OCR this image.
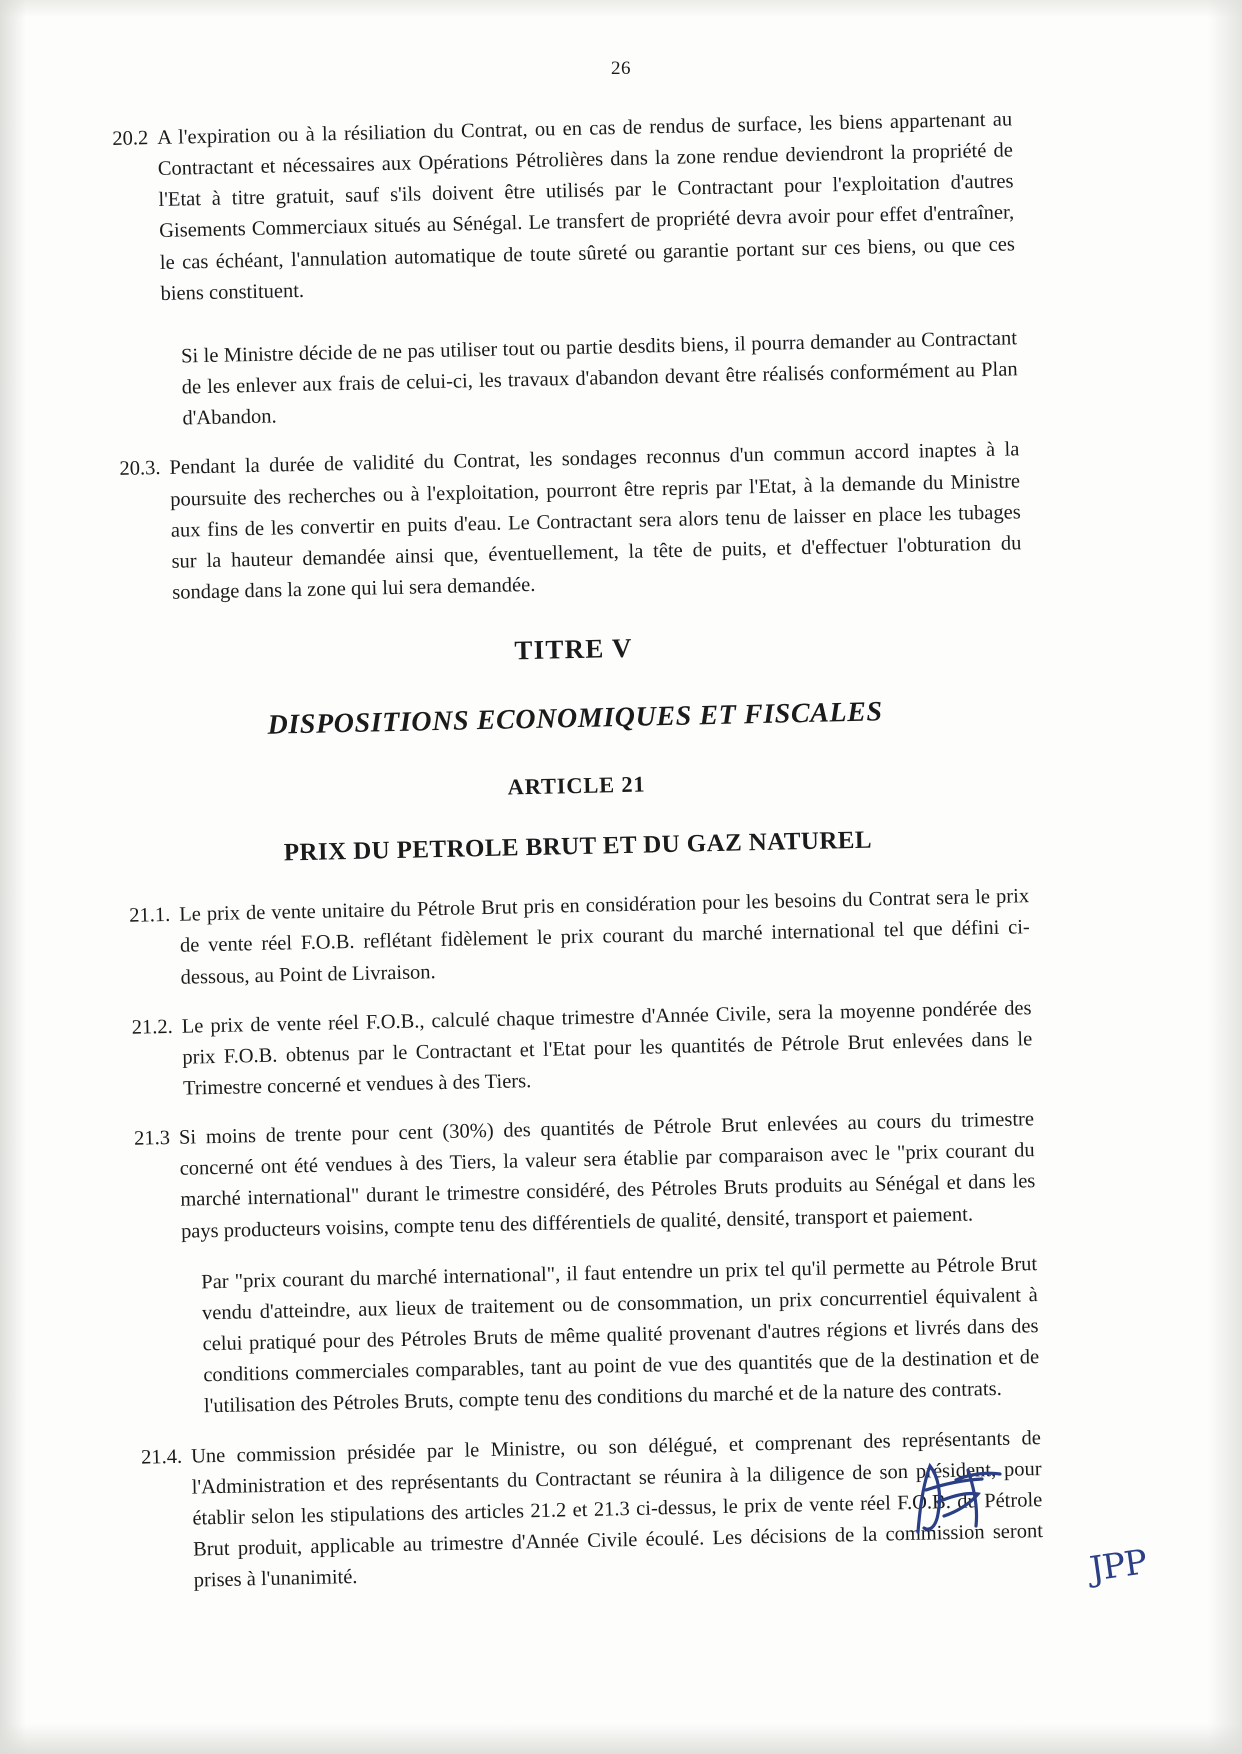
26
20.2 A l'expiration ou à la résiliation du Contrat, ou en cas de rendus de surface, les biens appartenant au Contractant et nécessaires aux Opérations Pétrolières dans la zone rendue deviendront la propriété de l'Etat à titre gratuit, sauf s'ils doivent être utilisés par le Contractant pour l'exploitation d'autres Gisements Commerciaux situés au Sénégal. Le transfert de propriété devra avoir pour effet d'entraîner, le cas échéant, l'annulation automatique de toute sûreté ou garantie portant sur ces biens, ou que ces biens constituent.
Si le Ministre décide de ne pas utiliser tout ou partie desdits biens, il pourra demander au Contractant de les enlever aux frais de celui-ci, les travaux d'abandon devant être réalisés conformément au Plan d'Abandon.
20.3. Pendant la durée de validité du Contrat, les sondages reconnus d'un commun accord inaptes à la poursuite des recherches ou à l'exploitation, pourront être repris par l'Etat, à la demande du Ministre aux fins de les convertir en puits d'eau. Le Contractant sera alors tenu de laisser en place les tubages sur la hauteur demandée ainsi que, éventuellement, la tête de puits, et d'effectuer l'obturation du sondage dans la zone qui lui sera demandée.
TITRE V
DISPOSITIONS ECONOMIQUES ET FISCALES
ARTICLE 21
PRIX DU PETROLE BRUT ET DU GAZ NATUREL
21.1. Le prix de vente unitaire du Pétrole Brut pris en considération pour les besoins du Contrat sera le prix de vente réel F.O.B. reflétant fidèlement le prix courant du marché international tel que défini ci-dessous, au Point de Livraison.
21.2. Le prix de vente réel F.O.B., calculé chaque trimestre d'Année Civile, sera la moyenne pondérée des prix F.O.B. obtenus par le Contractant et l'Etat pour les quantités de Pétrole Brut enlevées dans le Trimestre concerné et vendues à des Tiers.
21.3 Si moins de trente pour cent (30%) des quantités de Pétrole Brut enlevées au cours du trimestre concerné ont été vendues à des Tiers, la valeur sera établie par comparaison avec le "prix courant du marché international" durant le trimestre considéré, des Pétroles Bruts produits au Sénégal et dans les pays producteurs voisins, compte tenu des différentiels de qualité, densité, transport et paiement.
Par "prix courant du marché international", il faut entendre un prix tel qu'il permette au Pétrole Brut vendu d'atteindre, aux lieux de traitement ou de consommation, un prix concurrentiel équivalent à celui pratiqué pour des Pétroles Bruts de même qualité provenant d'autres régions et livrés dans des conditions commerciales comparables, tant au point de vue des quantités que de la destination et de l'utilisation des Pétroles Bruts, compte tenu des conditions du marché et de la nature des contrats.
21.4. Une commission présidée par le Ministre, ou son délégué, et comprenant des représentants de l'Administration et des représentants du Contractant se réunira à la diligence de son président, pour établir selon les stipulations des articles 21.2 et 21.3 ci-dessus, le prix de vente réel F.O.B. du Pétrole Brut produit, applicable au trimestre d'Année Civile écoulé. Les décisions de la commission seront prises à l'unanimité.	JPP
